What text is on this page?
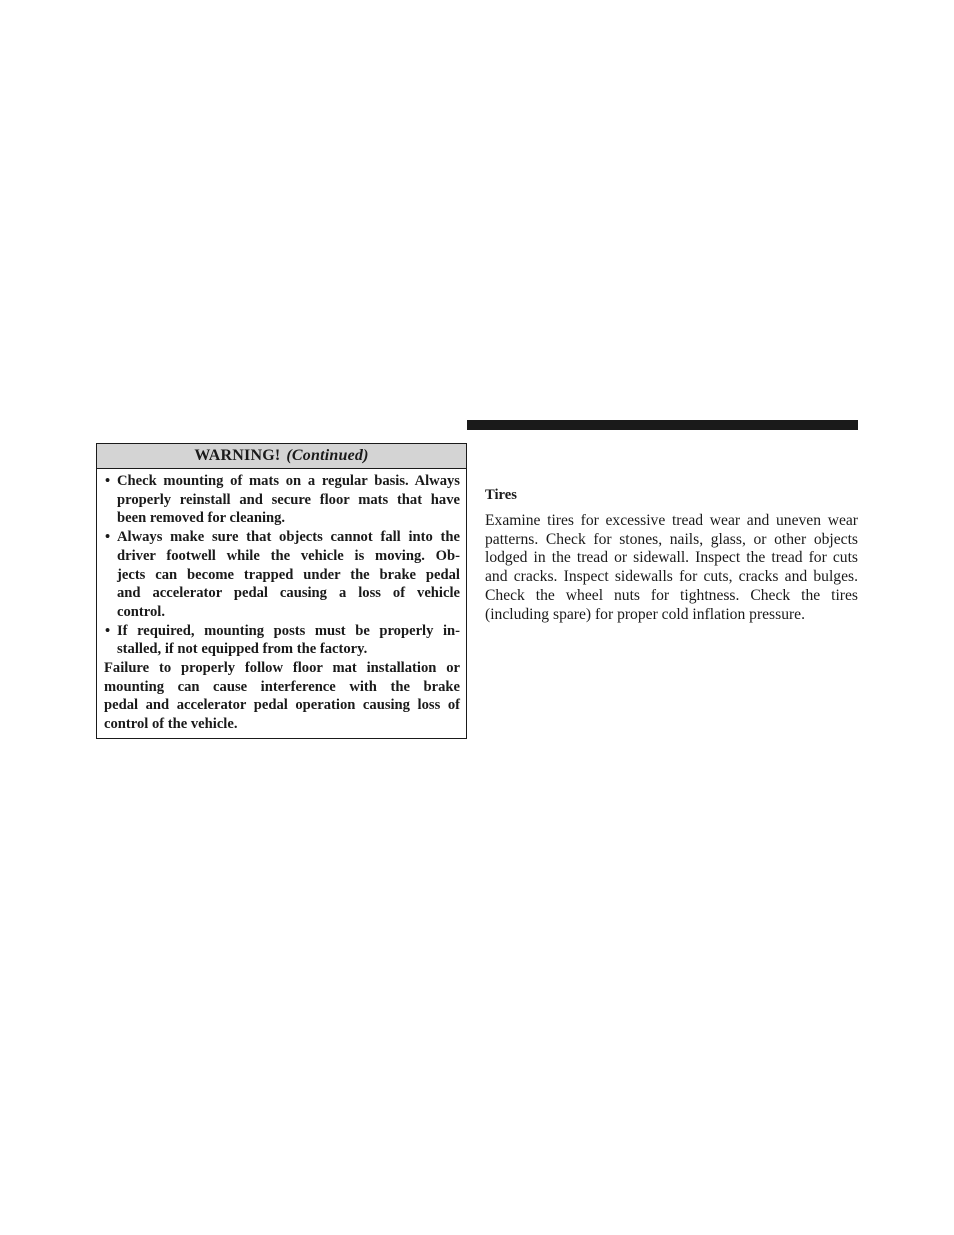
WARNING! (Continued)
• Check mounting of mats on a regular basis. Always
properly reinstall and secure floor mats that have
been removed for cleaning.
• Always make sure that objects cannot fall into the
driver footwell while the vehicle is moving. Ob-
jects can become trapped under the brake pedal
and accelerator pedal causing a loss of vehicle
control.
• If required, mounting posts must be properly in-
stalled, if not equipped from the factory.
Failure to properly follow floor mat installation or
mounting can cause interference with the brake
pedal and accelerator pedal operation causing loss of
control of the vehicle.
Tires
Examine tires for excessive tread wear and uneven wear
patterns. Check for stones, nails, glass, or other objects
lodged in the tread or sidewall. Inspect the tread for cuts
and cracks. Inspect sidewalls for cuts, cracks and bulges.
Check the wheel nuts for tightness. Check the tires
(including spare) for proper cold inflation pressure.
